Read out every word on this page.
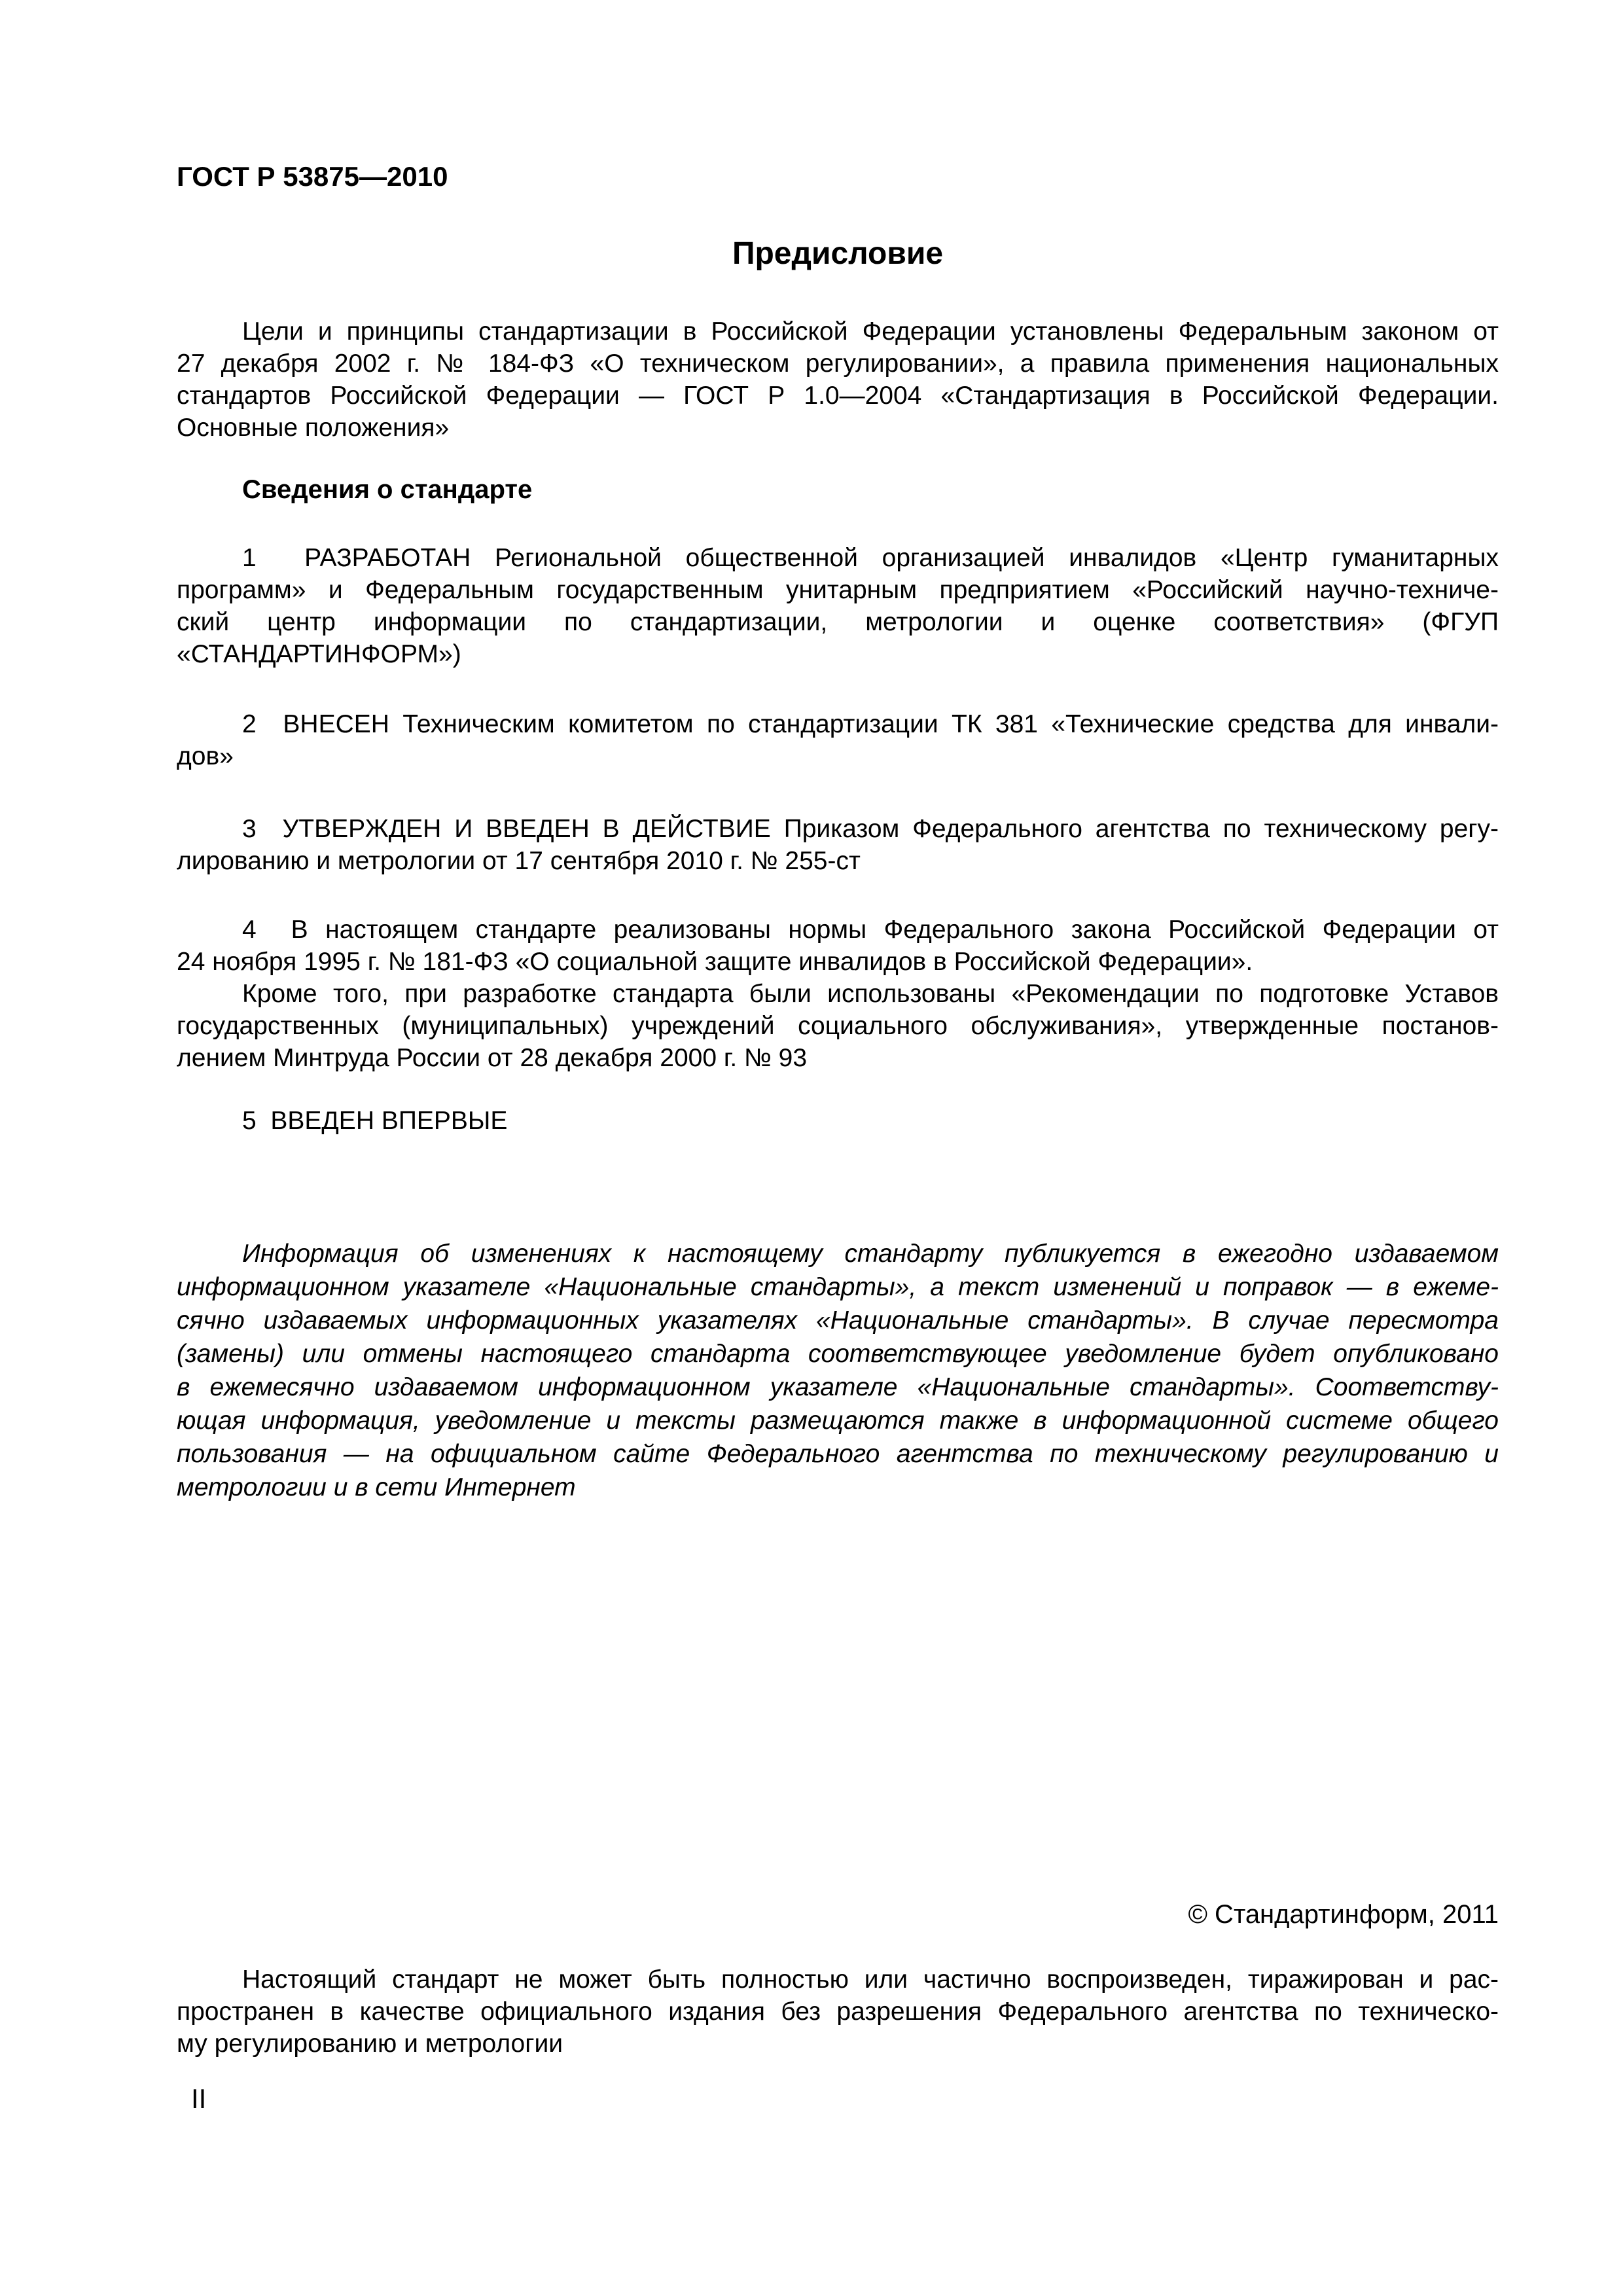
ГОСТ Р 53875—2010
Предисловие
Цели и принципы стандартизации в Российской Федерации установлены Федеральным законом от
27 декабря 2002 г. № 184-ФЗ «О техническом регулировании», а правила применения национальных
стандартов Российской Федерации — ГОСТ Р 1.0—2004 «Стандартизация в Российской Федерации.
Основные положения»
Сведения о стандарте
1  РАЗРАБОТАН Региональной общественной организацией инвалидов «Центр гуманитарных
программ» и Федеральным государственным унитарным предприятием «Российский научно-техниче-
ский центр информации по стандартизации, метрологии и оценке соответствия» (ФГУП
«СТАНДАРТИНФОРМ»)
2  ВНЕСЕН Техническим комитетом по стандартизации ТК 381 «Технические средства для инвали-
дов»
3  УТВЕРЖДЕН И ВВЕДЕН В ДЕЙСТВИЕ Приказом Федерального агентства по техническому регу-
лированию и метрологии от 17 сентября 2010 г. № 255-ст
4  В настоящем стандарте реализованы нормы Федерального закона Российской Федерации от
24 ноября 1995 г. № 181-ФЗ «О социальной защите инвалидов в Российской Федерации».
Кроме того, при разработке стандарта были использованы «Рекомендации по подготовке Уставов
государственных (муниципальных) учреждений социального обслуживания», утвержденные постанов-
лением Минтруда России от 28 декабря 2000 г. № 93
5  ВВЕДЕН ВПЕРВЫЕ
Информация об изменениях к настоящему стандарту публикуется в ежегодно издаваемом
информационном указателе «Национальные стандарты», а текст изменений и поправок — в ежеме-
сячно издаваемых информационных указателях «Национальные стандарты». В случае пересмотра
(замены) или отмены настоящего стандарта соответствующее уведомление будет опубликовано
в ежемесячно издаваемом информационном указателе «Национальные стандарты». Соответству-
ющая информация, уведомление и тексты размещаются также в информационной системе общего
пользования — на официальном сайте Федерального агентства по техническому регулированию и
метрологии и в сети Интернет
© Стандартинформ, 2011
Настоящий стандарт не может быть полностью или частично воспроизведен, тиражирован и рас-
пространен в качестве официального издания без разрешения Федерального агентства по техническо-
му регулированию и метрологии
II
